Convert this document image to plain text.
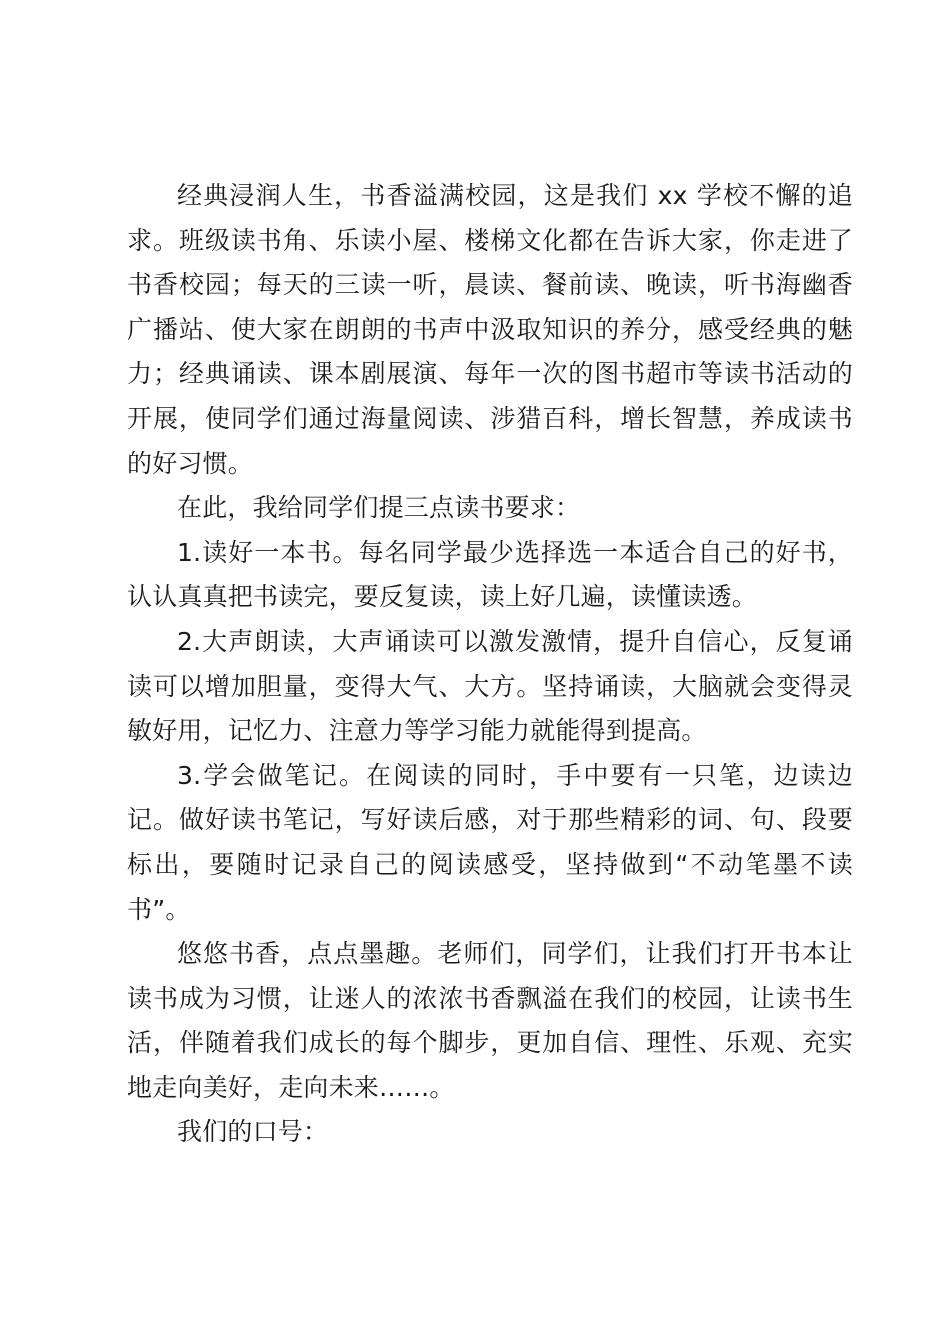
经典浸润人生，书香溢满校园，这是我们 xx 学校不懈的追求。班级读书角、乐读小屋、楼梯文化都在告诉大家，你走进了书香校园；每天的三读一听，晨读、餐前读、晚读，听书海幽香广播站、使大家在朗朗的书声中汲取知识的养分，感受经典的魅力；经典诵读、课本剧展演、每年一次的图书超市等读书活动的开展，使同学们通过海量阅读、涉猎百科，增长智慧，养成读书的好习惯。

在此，我给同学们提三点读书要求：

1.读好一本书。每名同学最少选择选一本适合自己的好书，认认真真把书读完，要反复读，读上好几遍，读懂读透。

2.大声朗读，大声诵读可以激发激情，提升自信心，反复诵读可以增加胆量，变得大气、大方。坚持诵读，大脑就会变得灵敏好用，记忆力、注意力等学习能力就能得到提高。

3.学会做笔记。在阅读的同时，手中要有一只笔，边读边记。做好读书笔记，写好读后感，对于那些精彩的词、句、段要标出，要随时记录自己的阅读感受，坚持做到“不动笔墨不读书”。

悠悠书香，点点墨趣。老师们，同学们，让我们打开书本让读书成为习惯，让迷人的浓浓书香飘溢在我们的校园，让读书生活，伴随着我们成长的每个脚步，更加自信、理性、乐观、充实地走向美好，走向未来……。

我们的口号：
